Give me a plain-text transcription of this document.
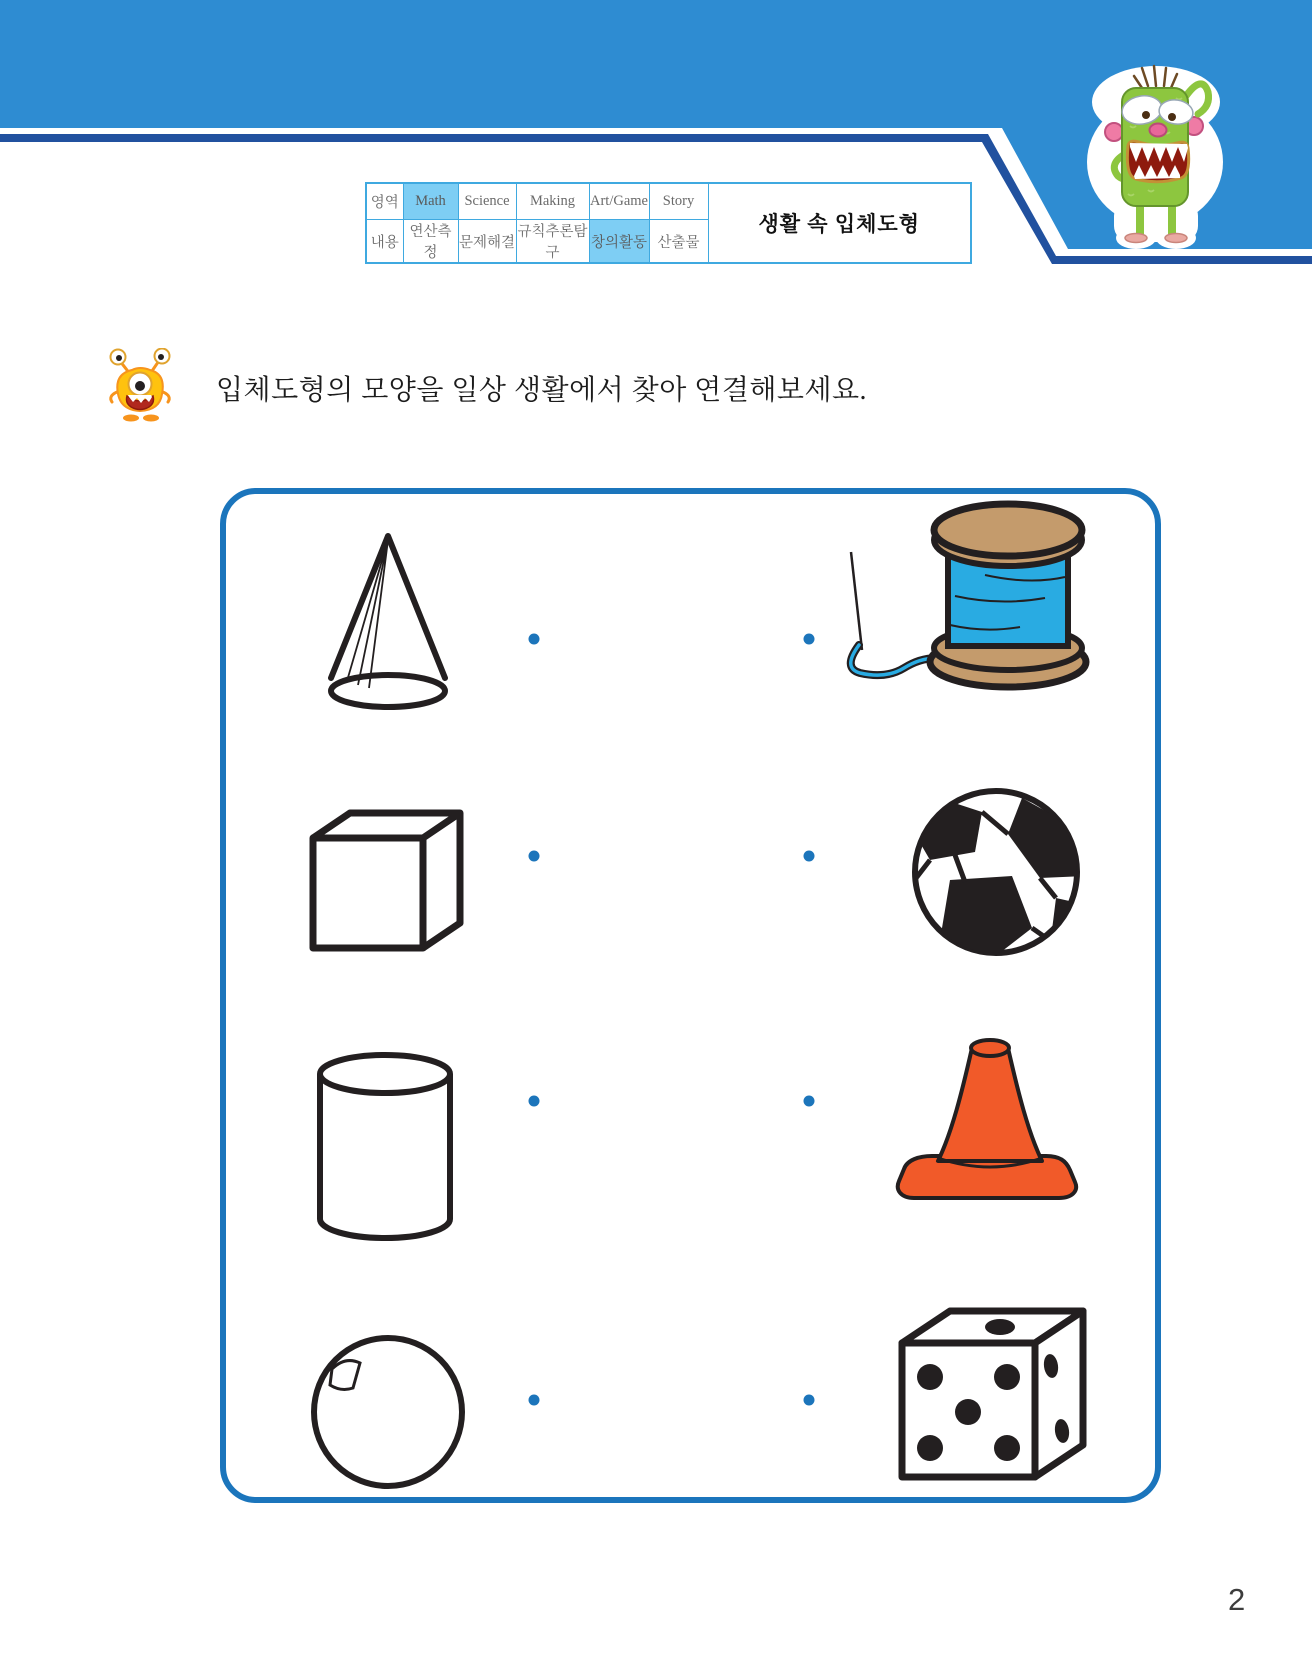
영역	Math	Science	Making	Art/Game	Story	생활 속 입체도형
내용	연산측정	문제해결	규칙추론탐구	창의활동	산출물	
입체도형의 모양을 일상 생활에서 찾아 연결해보세요.
2
